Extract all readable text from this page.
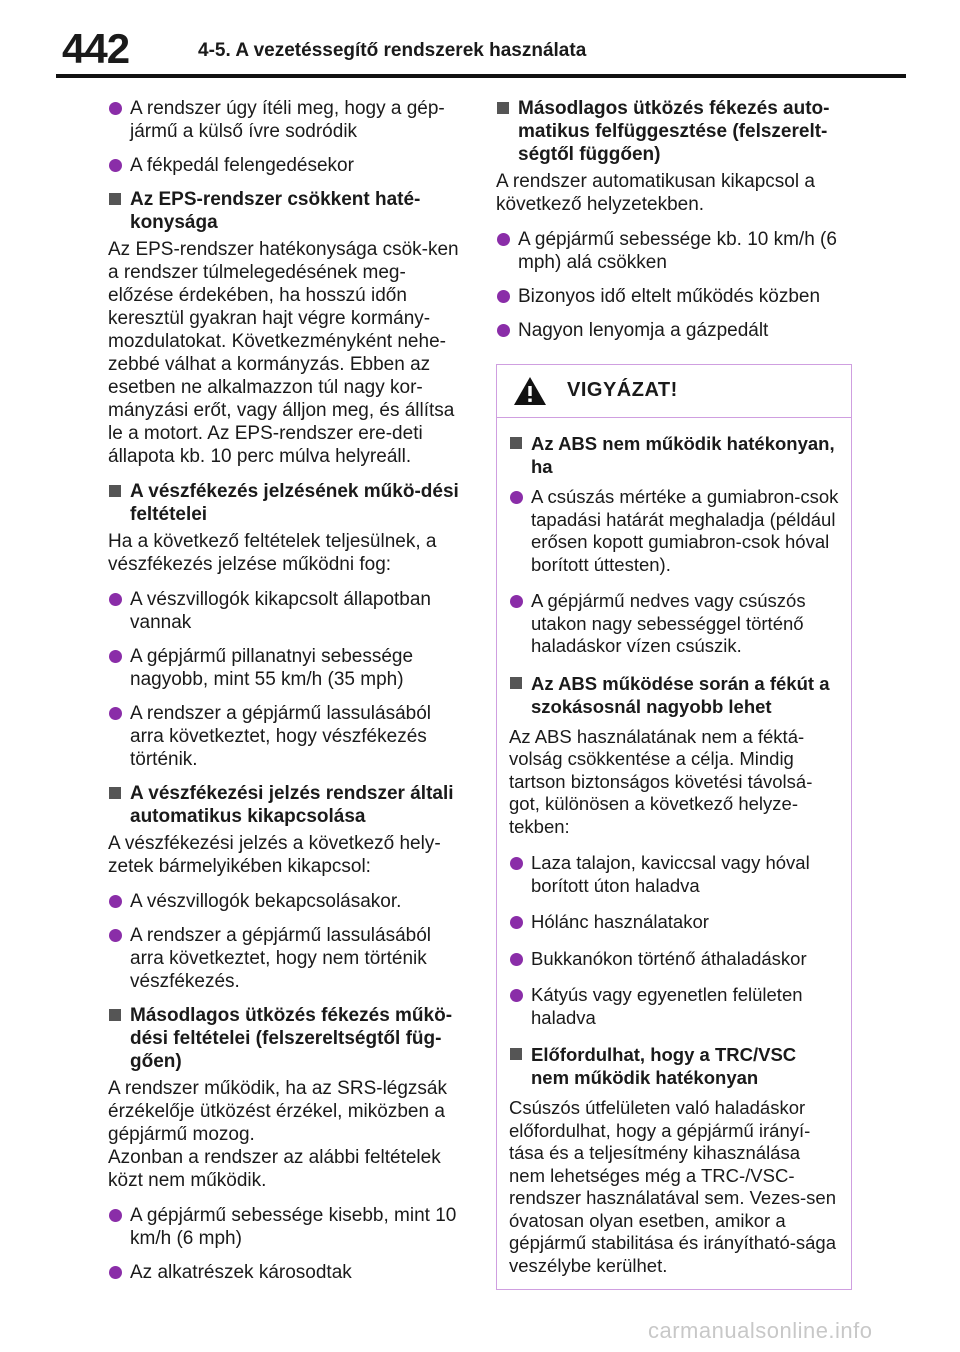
442	4-5. A vezetéssegítő rendszerek használata
A rendszer úgy ítéli meg, hogy a gép-jármű a külső ívre sodródik
A fékpedál felengedésekor
Az EPS-rendszer csökkent haté-konysága
Az EPS-rendszer hatékonysága csök-ken a rendszer túlmelegedésének meg-előzése érdekében, ha hosszú időn keresztül gyakran hajt végre kormány-mozdulatokat. Következményként nehe-zebbé válhat a kormányzás. Ebben az esetben ne alkalmazzon túl nagy kor-mányzási erőt, vagy álljon meg, és állítsa le a motort. Az EPS-rendszer ere-deti állapota kb. 10 perc múlva helyreáll.
A vészfékezés jelzésének műkö-dési feltételei
Ha a következő feltételek teljesülnek, a vészfékezés jelzése működni fog:
A vészvillogók kikapcsolt állapotban vannak
A gépjármű pillanatnyi sebessége nagyobb, mint 55 km/h (35 mph)
A rendszer a gépjármű lassulásából arra következtet, hogy vészfékezés történik.
A vészfékezési jelzés rendszer általi automatikus kikapcsolása
A vészfékezési jelzés a következő hely-zetek bármelyikében kikapcsol:
A vészvillogók bekapcsolásakor.
A rendszer a gépjármű lassulásából arra következtet, hogy nem történik vészfékezés.
Másodlagos ütközés fékezés műkö-dési feltételei (felszereltségtől füg-gően)
A rendszer működik, ha az SRS-légzsák érzékelője ütközést érzékel, miközben a gépjármű mozog.
Azonban a rendszer az alábbi feltételek közt nem működik.
A gépjármű sebessége kisebb, mint 10 km/h (6 mph)
Az alkatrészek károsodtak
Másodlagos ütközés fékezés auto-matikus felfüggesztése (felszerelt-ségtől függően)
A rendszer automatikusan kikapcsol a következő helyzetekben.
A gépjármű sebessége kb. 10 km/h (6 mph) alá csökken
Bizonyos idő eltelt működés közben
Nagyon lenyomja a gázpedált
VIGYÁZAT!
Az ABS nem működik hatékonyan, ha
A csúszás mértéke a gumiabron-csok tapadási határát meghaladja (például erősen kopott gumiabron-csok hóval borított úttesten).
A gépjármű nedves vagy csúszós utakon nagy sebességgel történő haladáskor vízen csúszik.
Az ABS működése során a fékút a szokásosnál nagyobb lehet
Az ABS használatának nem a féktá-volság csökkentése a célja. Mindig tartson biztonságos követési távolsá-got, különösen a következő helyze-tekben:
Laza talajon, kaviccsal vagy hóval borított úton haladva
Hólánc használatakor
Bukkanókon történő áthaladáskor
Kátyús vagy egyenetlen felületen haladva
Előfordulhat, hogy a TRC/VSC nem működik hatékonyan
Csúszós útfelületen való haladáskor előfordulhat, hogy a gépjármű irányí-tása és a teljesítmény kihasználása nem lehetséges még a TRC-/VSC-rendszer használatával sem. Vezes-sen óvatosan olyan esetben, amikor a gépjármű stabilitása és irányítható-sága veszélybe kerülhet.
carmanualsonline.info
